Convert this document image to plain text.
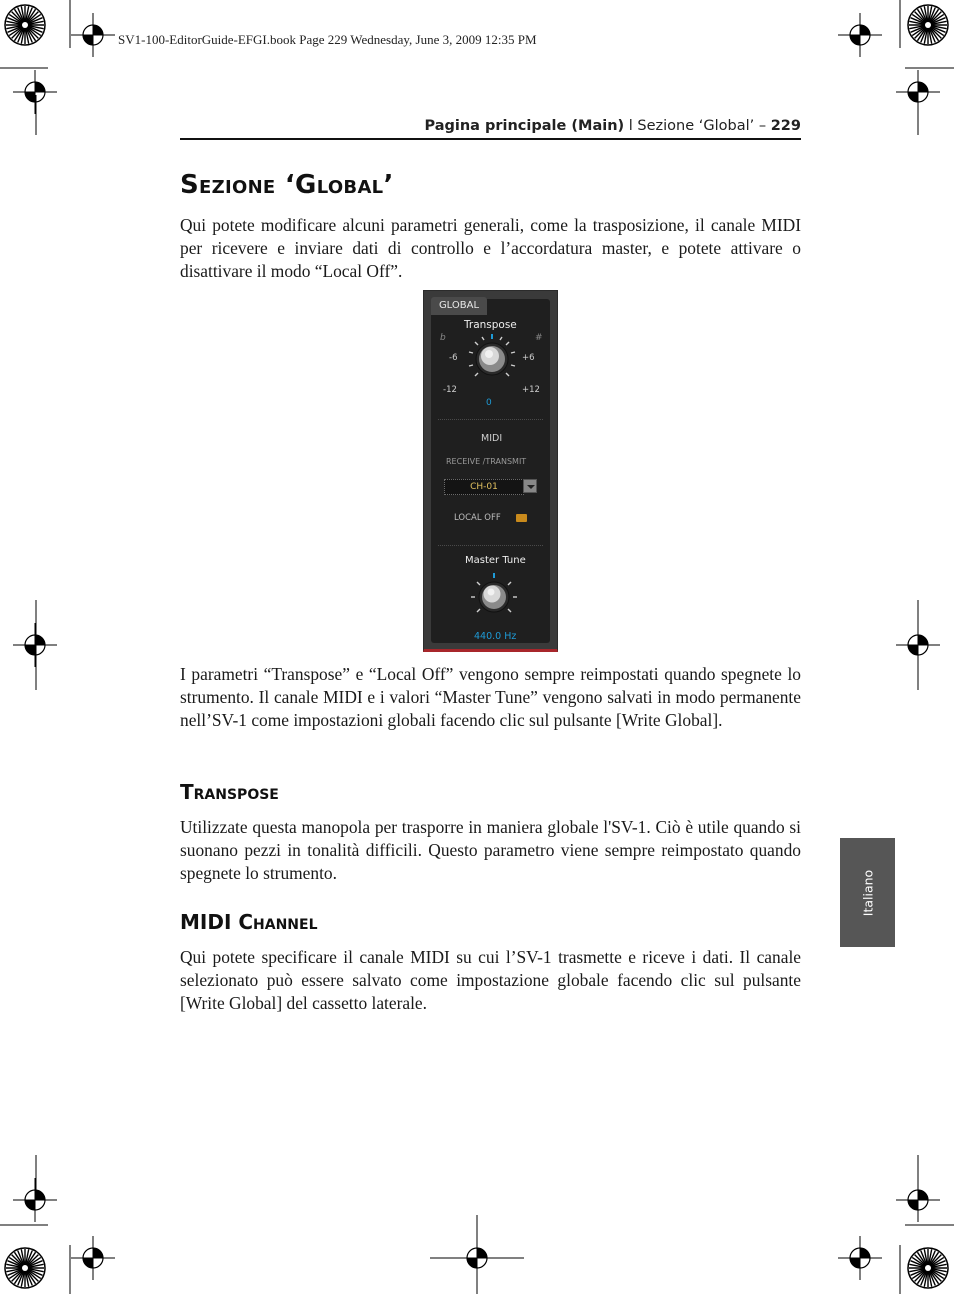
SV1-100-EditorGuide-EFGI.book Page 229 Wednesday, June 3, 2009 12:35 PM
Pagina principale (Main) l Sezione ‘Global’ – 229
Sezione ‘Global’

Qui potete modificare alcuni parametri generali, come la trasposizione, il canale MIDI per ricevere e inviare dati di controllo e l’accordatura master, e potete attivare o disattivare il modo “Local Off”.

GLOBAL
Transpose
b	#
-6	+6
-12	+12
0
MIDI
RECEIVE /TRANSMIT
CH-01
LOCAL OFF
Master Tune
440.0 Hz

I parametri “Transpose” e “Local Off” vengono sempre reimpostati quando spegnete lo strumento. Il canale MIDI e i valori “Master Tune” vengono salvati in modo permanente nell’SV-1 come impostazioni globali facendo clic sul pulsante [Write Global].

Transpose

Utilizzate questa manopola per trasporre in maniera globale l'SV-1. Ciò è utile quando si suonano pezzi in tonalità difficili. Questo parametro viene sempre reimpostato quando spegnete lo strumento.

MIDI Channel

Qui potete specificare il canale MIDI su cui l’SV-1 trasmette e riceve i dati. Il canale selezionato può essere salvato come impostazione globale facendo clic sul pulsante [Write Global] del cassetto laterale.

Italiano
